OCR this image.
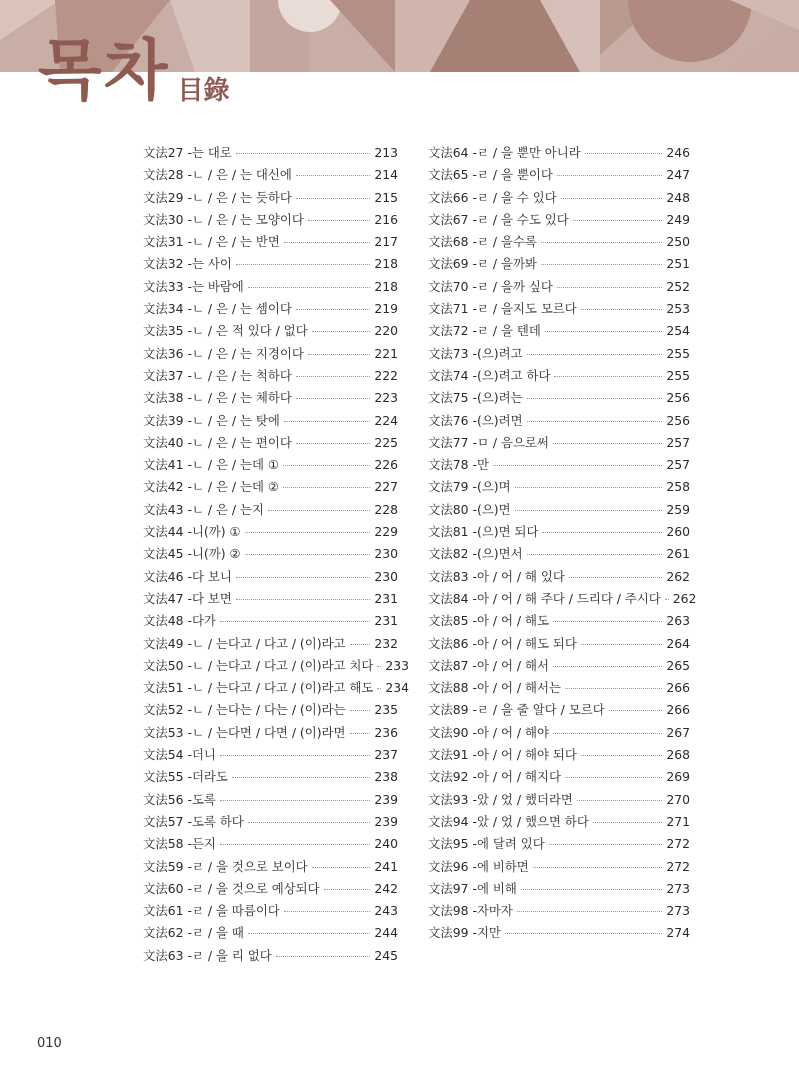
목차 目錄
文法27 -는 대로	213
文法28 -ㄴ / 은 / 는 대신에	214
文法29 -ㄴ / 은 / 는 듯하다	215
文法30 -ㄴ / 은 / 는 모양이다	216
文法31 -ㄴ / 은 / 는 반면	217
文法32 -는 사이	218
文法33 -는 바람에	218
文法34 -ㄴ / 은 / 는 셈이다	219
文法35 -ㄴ / 은 적 있다 / 없다	220
文法36 -ㄴ / 은 / 는 지경이다	221
文法37 -ㄴ / 은 / 는 척하다	222
文法38 -ㄴ / 은 / 는 체하다	223
文法39 -ㄴ / 은 / 는 탓에	224
文法40 -ㄴ / 은 / 는 편이다	225
文法41 -ㄴ / 은 / 는데 ①	226
文法42 -ㄴ / 은 / 는데 ②	227
文法43 -ㄴ / 은 / 는지	228
文法44 -니(까) ①	229
文法45 -니(까) ②	230
文法46 -다 보니	230
文法47 -다 보면	231
文法48 -다가	231
文法49 -ㄴ / 는다고 / 다고 / (이)라고 232
文法50 -ㄴ / 는다고 / 다고 / (이)라고 치다 233
文法51 -ㄴ / 는다고 / 다고 / (이)라고 해도 234
文法52 -ㄴ / 는다는 / 다는 / (이)라는 235
文法53 -ㄴ / 는다면 / 다면 / (이)라면 236
文法54 -더니	237
文法55 -더라도	238
文法56 -도록	239
文法57 -도록 하다	239
文法58 -든지	240
文法59 -ㄹ / 을 것으로 보이다	241
文法60 -ㄹ / 을 것으로 예상되다	242
文法61 -ㄹ / 을 따름이다	243
文法62 -ㄹ / 을 때	244
文法63 -ㄹ / 을 리 없다	245
文法64 -ㄹ / 을 뿐만 아니라	246
文法65 -ㄹ / 을 뿐이다	247
文法66 -ㄹ / 을 수 있다	248
文法67 -ㄹ / 을 수도 있다	249
文法68 -ㄹ / 을수록	250
文法69 -ㄹ / 을까봐	251
文法70 -ㄹ / 을까 싶다	252
文法71 -ㄹ / 을지도 모르다	253
文法72 -ㄹ / 을 텐데	254
文法73 -(으)려고	255
文法74 -(으)려고 하다	255
文法75 -(으)려는	256
文法76 -(으)려면	256
文法77 -ㅁ / 음으로써	257
文法78 -만	257
文法79 -(으)며	258
文法80 -(으)면	259
文法81 -(으)면 되다	260
文法82 -(으)면서	261
文法83 -아 / 어 / 해 있다	262
文法84 -아 / 어 / 해 주다 / 드리다 / 주시다 262
文法85 -아 / 어 / 해도	263
文法86 -아 / 어 / 해도 되다	264
文法87 -아 / 어 / 해서	265
文法88 -아 / 어 / 해서는	266
文法89 -ㄹ / 을 줄 알다 / 모르다	266
文法90 -아 / 어 / 해야	267
文法91 -아 / 어 / 해야 되다	268
文法92 -아 / 어 / 해지다	269
文法93 -았 / 었 / 했더라면	270
文法94 -았 / 었 / 했으면 하다	271
文法95 -에 달려 있다	272
文法96 -에 비하면	272
文法97 -에 비해	273
文法98 -자마자	273
文法99 -지만	274
010
